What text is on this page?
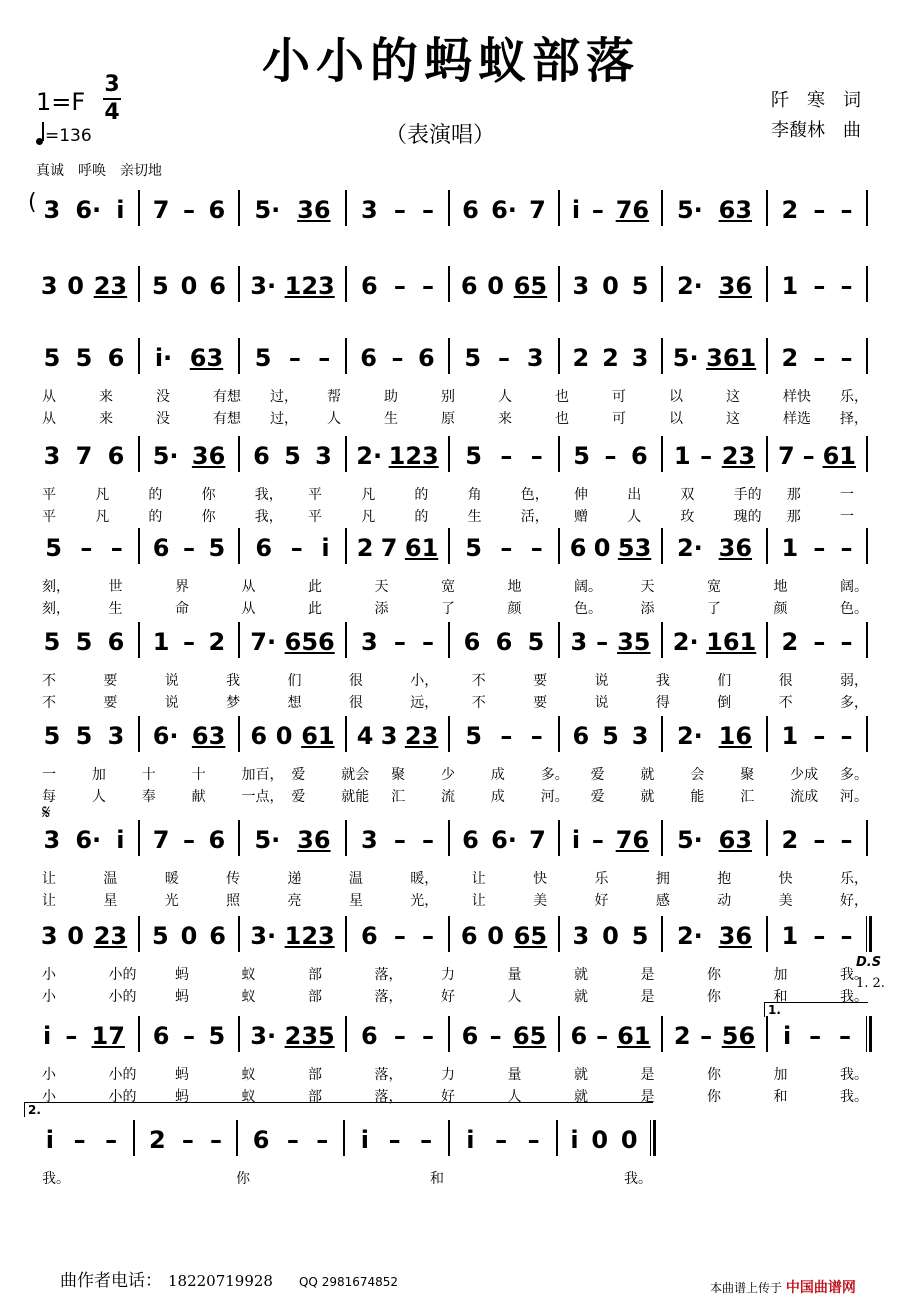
小小的蚂蚁部落
（表演唱）
1=F
3
4
=136
阡　寒　词
李馥林　曲
真诚　呼唤　亲切地
𝄋
D.S
1. 2.
3 6· i 7 – 6 5· 36 3 – – 6 6· 7 i – 76 5· 63 2 – –
3 0 23 5 0 6 3· 123 6 – – 6 0 65 3 0 5 2· 36 1 – –
5 5 6 i· 63 5 – – 6 – 6 5 – 3 2 2 3 5· 361 2 – –
从	来	没	有想 过， 帮	助	别	人	也	可	以	这	样快 乐，
从	来	没	有想 过， 人	生	原	来	也	可	以	这	样选 择，
3 7 6 5· 36 6 5 3 2· 123 5 – – 5 – 6 1 – 23 7 – 61
平	凡	的	你	我， 平	凡	的	角	色， 伸	出	双	手的 那	一
平	凡	的	你	我， 平	凡	的	生	活， 赠	人	玫	瑰的 那	一
5 – – 6 – 5 6 – i 2 7 61 5 – – 6 0 53 2· 36 1 – –
刻，	世	界	从	此	天	宽	地	阔。	天	宽	地	阔。
刻，	生	命	从	此	添	了	颜	色。	添	了	颜	色。
5 5 6 1 – 2 7· 656 3 – – 6 6 5 3 – 35 2· 161 2 – –
不	要	说	我	们	很	小， 不	要	说	我	们	很	弱，
不	要	说	梦	想	很	远， 不	要	说	得	倒	不	多，
5 5 3 6· 63 6 0 61 4 3 23 5 – – 6 5 3 2· 16 1 – –
一	加	十	十	加百， 爱	就会 聚	少	成	多。 爱	就	会	聚	少成 多。
每	人	奉	献	一点， 爱	就能 汇	流	成	河。 爱	就	能	汇	流成 河。
3 6· i 7 – 6 5· 36 3 – – 6 6· 7 i – 76 5· 63 2 – –
让	温	暖	传	递	温	暖， 让	快	乐	拥	抱	快	乐，
让	星	光	照	亮	星	光， 让	美	好	感	动	美	好，
3 0 23 5 0 6 3· 123 6 – – 6 0 65 3 0 5 2· 36 1 – –
小	小的	蚂	蚁	部	落，	力	量	就	是	你	加	我。
小	小的	蚂	蚁	部	落，	好	人	就	是	你	和	我。
i – 17 6 – 5 3· 235 6 – – 6 – 65 6 – 61 2 – 56 i – –
小	小的	蚂	蚁	部	落，	力	量	就	是	你	加	我。
小	小的	蚂	蚁	部	落，	好	人	就	是	你	和	我。
i – – 2 – – 6 – – i – – i – – i 0 0
我。	你	和	我。
(
1.
2.
曲作者电话： 18220719928 QQ 2981674852	本曲谱上传于 中国曲谱网
